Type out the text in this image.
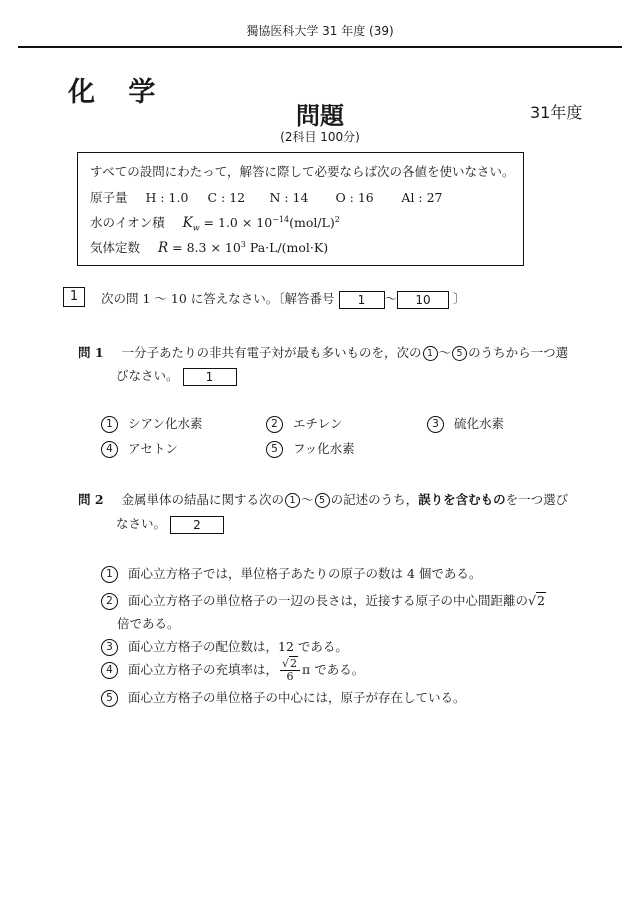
獨協医科大学 31 年度 (39)
化 学
問題	31年度
(2科目 100分)
すべての設問にわたって，解答に際して必要ならば次の各値を使いなさい。
原子量 H : 1.0 C : 12 N : 14 O : 16 Al : 27
水のイオン積 $K_w = 1.0 \times 10^{-14}(mol/L)^2$
気体定数 $R = 8.3 \times 10^3$ Pa·L/(mol·K)
1	次の問 1 ～ 10 に答えなさい。〔解答番号 1 ～ 10 〕
問 1 一分子あたりの非共有電子対が最も多いものを，次の 1 ～ 5 のうちから一つ選
びなさい。 1
1 シアン化水素	2 エチレン	3 硫化水素
4 アセトン	5 フッ化水素
問 2 金属単体の結晶に関する次の 1 ～ 5 の記述のうち，誤りを含むものを一つ選び
なさい。 2
1 面心立方格子では，単位格子あたりの原子の数は 4 個である。
2 面心立方格子の単位格子の一辺の長さは，近接する原子の中心間距離の√2
倍である。
3 面心立方格子の配位数は，12 である。
4 面心立方格子の充填率は， $\frac{√2}{6}$ π である。
5 面心立方格子の単位格子の中心には，原子が存在している。
